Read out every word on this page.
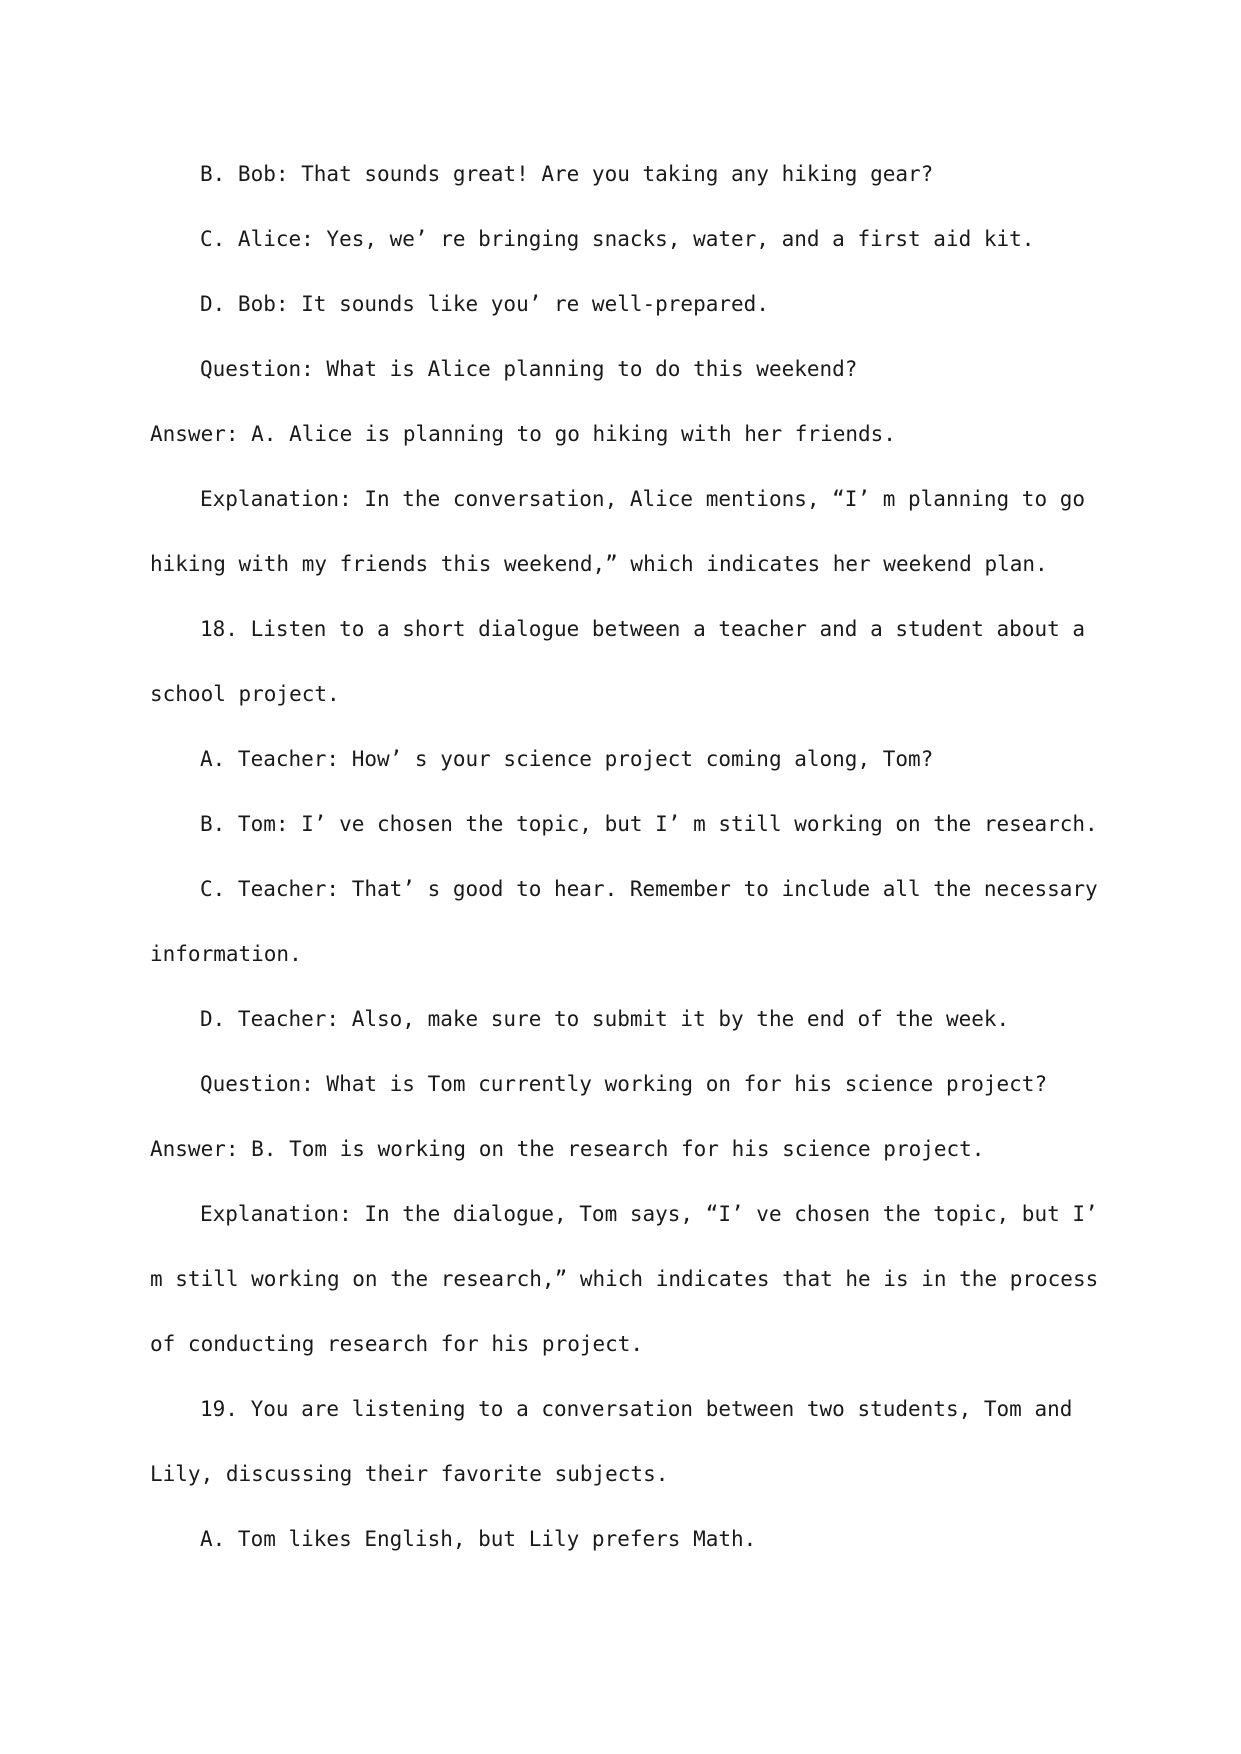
B. Bob: That sounds great! Are you taking any hiking gear?

C. Alice: Yes, we’ re bringing snacks, water, and a first aid kit.

D. Bob: It sounds like you’ re well-prepared.

Question: What is Alice planning to do this weekend?

Answer: A. Alice is planning to go hiking with her friends.

Explanation: In the conversation, Alice mentions, “I’ m planning to go hiking with my friends this weekend,” which indicates her weekend plan.

18. Listen to a short dialogue between a teacher and a student about a school project.

A. Teacher: How’ s your science project coming along, Tom?

B. Tom: I’ ve chosen the topic, but I’ m still working on the research.

C. Teacher: That’ s good to hear. Remember to include all the necessary information.

D. Teacher: Also, make sure to submit it by the end of the week.

Question: What is Tom currently working on for his science project?

Answer: B. Tom is working on the research for his science project.

Explanation: In the dialogue, Tom says, “I’ ve chosen the topic, but I’ m still working on the research,” which indicates that he is in the process of conducting research for his project.

19. You are listening to a conversation between two students, Tom and Lily, discussing their favorite subjects.

A. Tom likes English, but Lily prefers Math.
